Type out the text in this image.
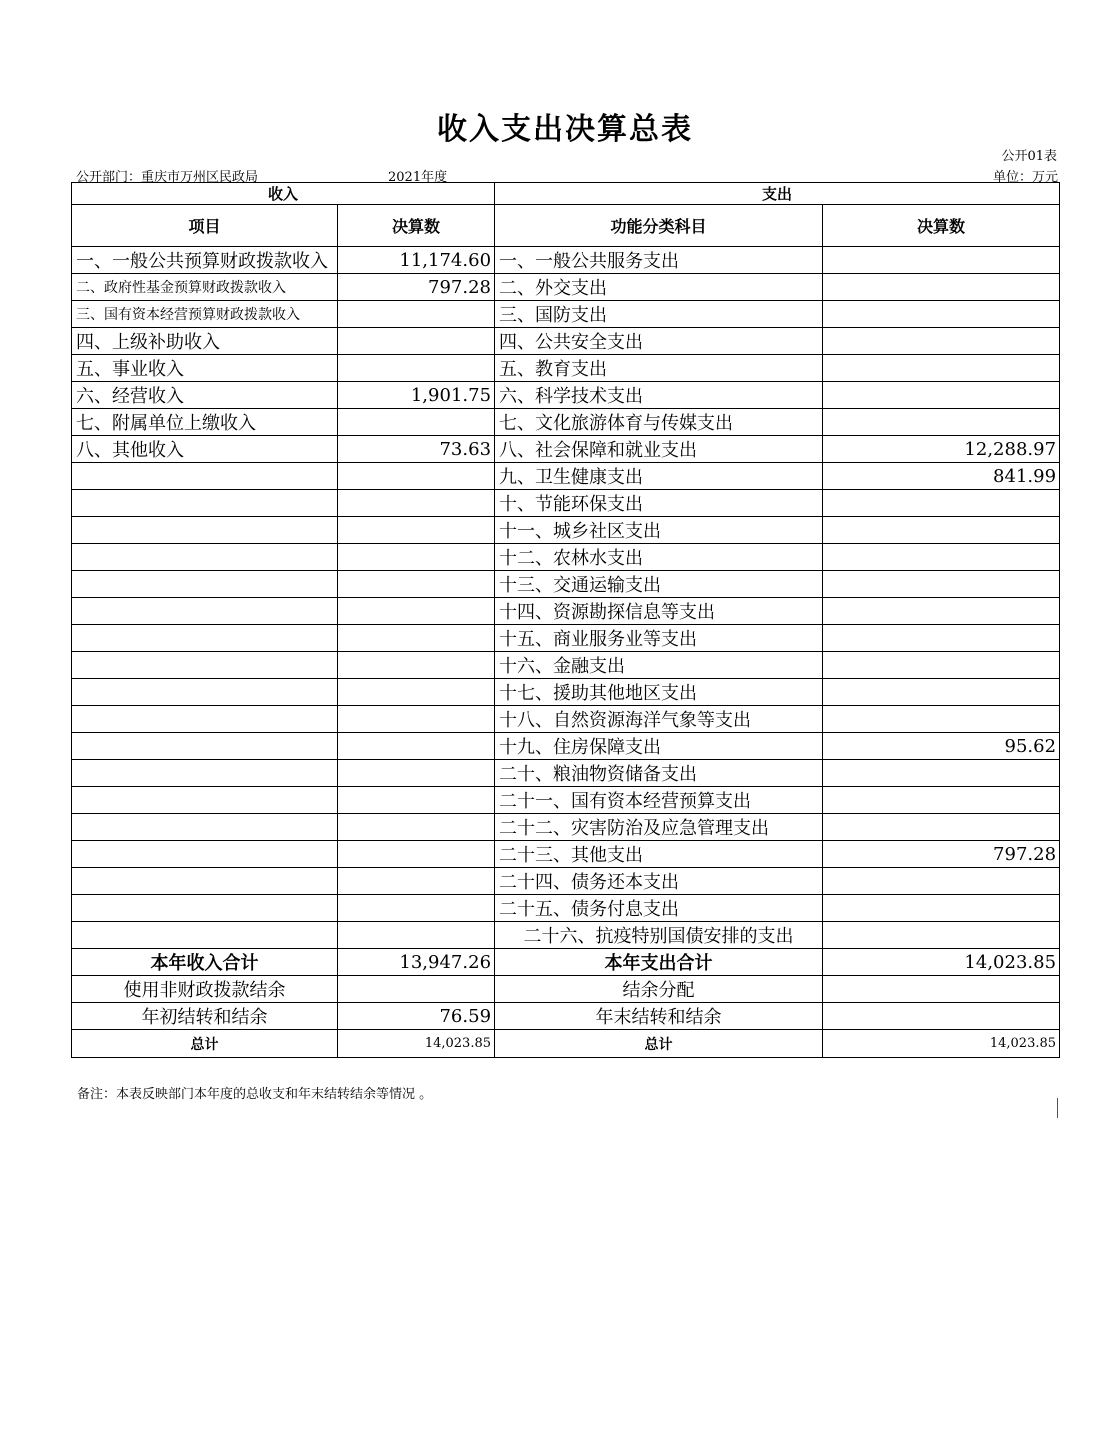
收入支出决算总表
公开01表
公开部门：重庆市万州区民政局	2021年度	单位：万元
收入		支出	
项目	决算数	功能分类科目	决算数
一、一般公共预算财政拨款收入	11,174.60	一、一般公共服务支出	
二、政府性基金预算财政拨款收入	797.28	二、外交支出	
三、国有资本经营预算财政拨款收入		三、国防支出	
四、上级补助收入		四、公共安全支出	
五、事业收入		五、教育支出	
六、经营收入	1,901.75	六、科学技术支出	
七、附属单位上缴收入		七、文化旅游体育与传媒支出	
八、其他收入	73.63	八、社会保障和就业支出	12,288.97
		九、卫生健康支出	841.99
		十、节能环保支出	
		十一、城乡社区支出	
		十二、农林水支出	
		十三、交通运输支出	
		十四、资源勘探信息等支出	
		十五、商业服务业等支出	
		十六、金融支出	
		十七、援助其他地区支出	
		十八、自然资源海洋气象等支出	
		十九、住房保障支出	95.62
		二十、粮油物资储备支出	
		二十一、国有资本经营预算支出	
		二十二、灾害防治及应急管理支出	
		二十三、其他支出	797.28
		二十四、债务还本支出	
		二十五、债务付息支出	
		二十六、抗疫特别国债安排的支出	
本年收入合计	13,947.26	本年支出合计	14,023.85
使用非财政拨款结余		结余分配	
年初结转和结余	76.59	年末结转和结余	
总计	14,023.85	总计	14,023.85
备注：本表反映部门本年度的总收支和年末结转结余等情况 。
